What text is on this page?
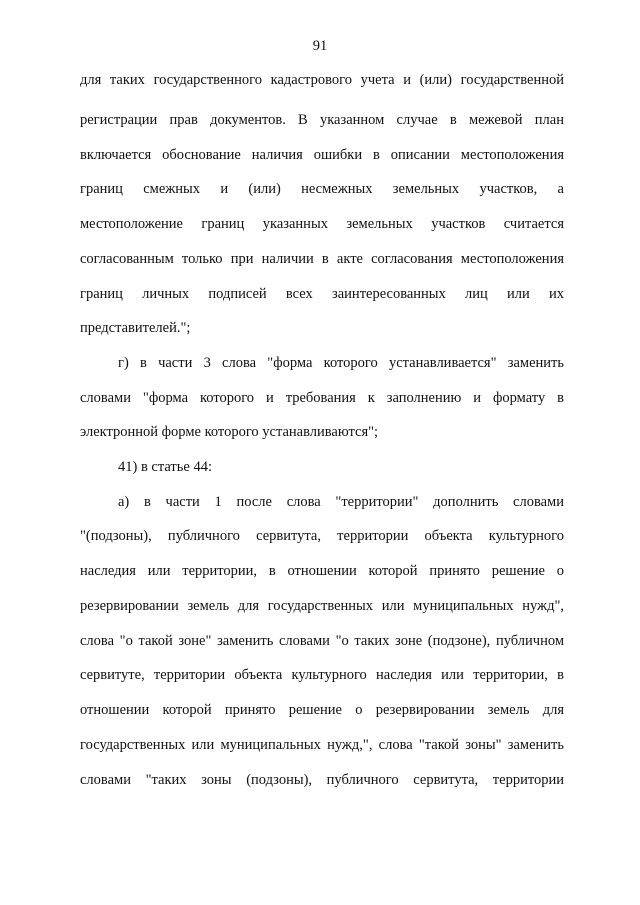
91
для таких государственного кадастрового учета и (или) государственной
регистрации прав документов. В указанном случае в межевой план
включается обоснование наличия ошибки в описании местоположения
границ смежных и (или) несмежных земельных участков, а
местоположение границ указанных земельных участков считается
согласованным только при наличии в акте согласования местоположения
границ личных подписей всех заинтересованных лиц или их
представителей.";
г) в части 3 слова "форма которого устанавливается" заменить
словами "форма которого и требования к заполнению и формату в
электронной форме которого устанавливаются";
41) в статье 44:
а) в части 1 после слова "территории" дополнить словами
"(подзоны), публичного сервитута, территории объекта культурного
наследия или территории, в отношении которой принято решение о
резервировании земель для государственных или муниципальных нужд",
слова "о такой зоне" заменить словами "о таких зоне (подзоне), публичном
сервитуте, территории объекта культурного наследия или территории, в
отношении которой принято решение о резервировании земель для
государственных или муниципальных нужд,", слова "такой зоны" заменить
словами "таких зоны (подзоны), публичного сервитута, территории
